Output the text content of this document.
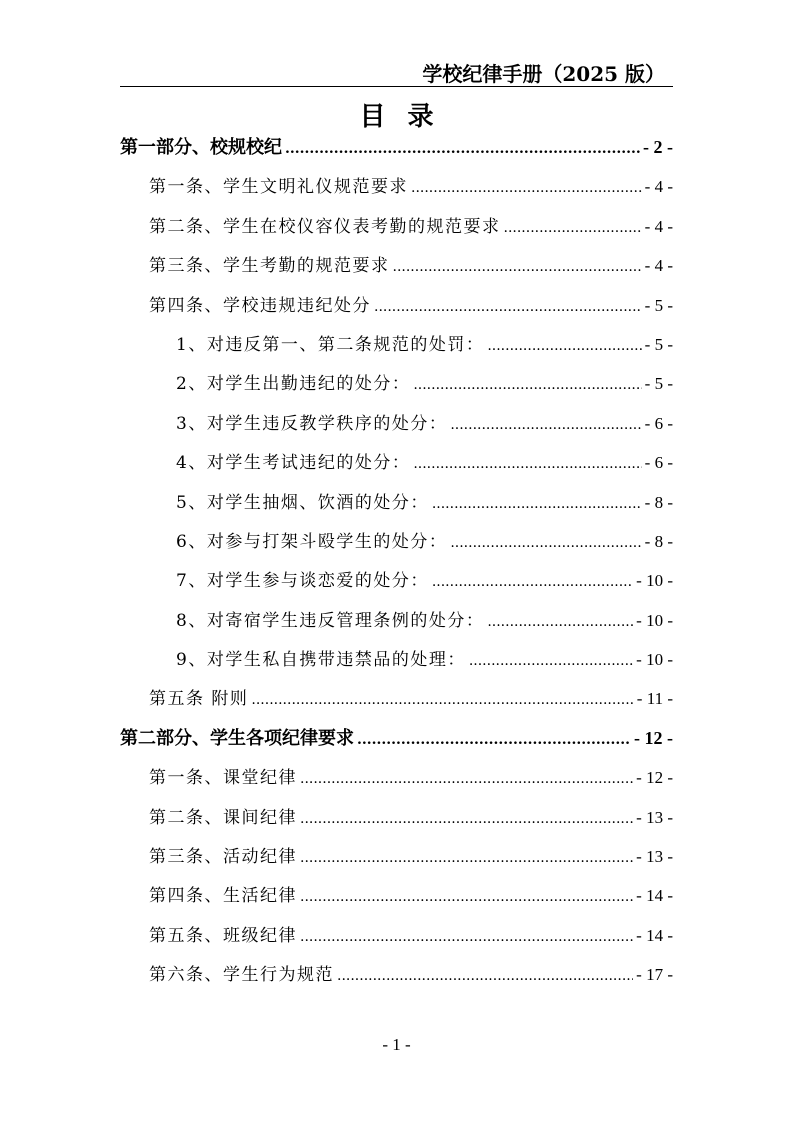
学校纪律手册（2025 版）
目录
第一部分、校规校纪 .....	- 2 -
第一条、学生文明礼仪规范要求 .....	- 4 -
第二条、学生在校仪容仪表考勤的规范要求 .....	- 4 -
第三条、学生考勤的规范要求 .....	- 4 -
第四条、学校违规违纪处分 .....	- 5 -
1、对违反第一、第二条规范的处罚： .....	- 5 -
2、对学生出勤违纪的处分： .....	- 5 -
3、对学生违反教学秩序的处分： .....	- 6 -
4、对学生考试违纪的处分： .....	- 6 -
5、对学生抽烟、饮酒的处分： .....	- 8 -
6、对参与打架斗殴学生的处分： .....	- 8 -
7、对学生参与谈恋爱的处分： .....	- 10 -
8、对寄宿学生违反管理条例的处分： .....	- 10 -
9、对学生私自携带违禁品的处理： .....	- 10 -
第五条 附则 .....	- 11 -
第二部分、学生各项纪律要求 .....	- 12 -
第一条、课堂纪律 .....	- 12 -
第二条、课间纪律 .....	- 13 -
第三条、活动纪律 .....	- 13 -
第四条、生活纪律 .....	- 14 -
第五条、班级纪律 .....	- 14 -
第六条、学生行为规范 .....	- 17 -
- 1 -
